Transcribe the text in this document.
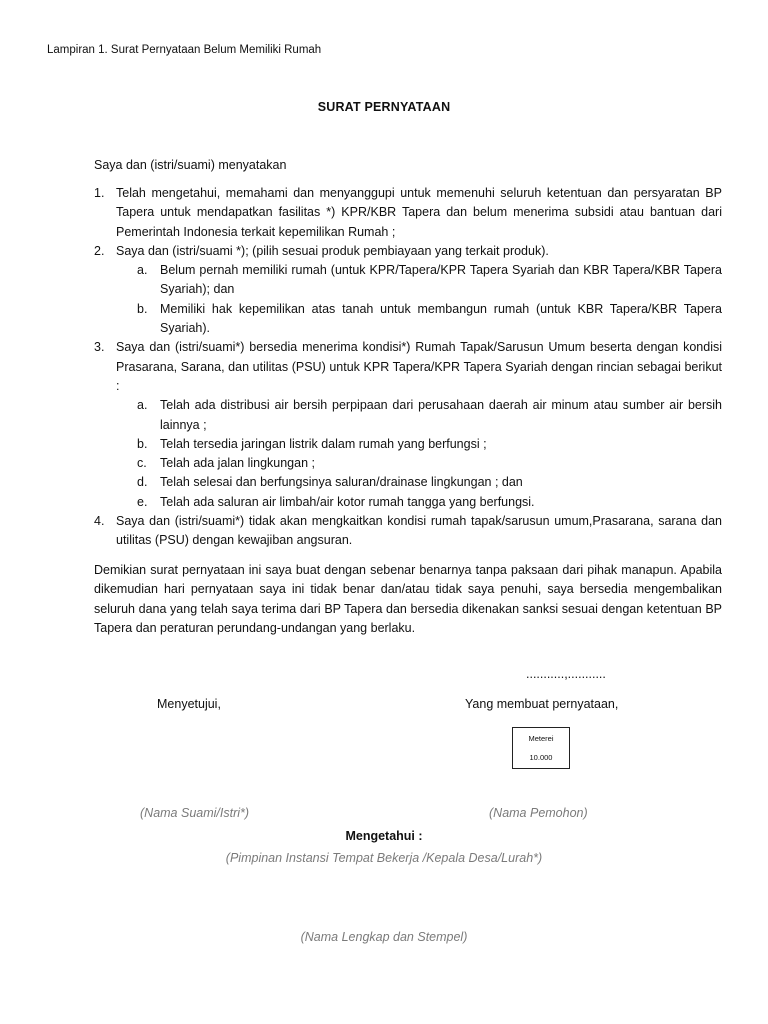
Lampiran 1. Surat Pernyataan Belum Memiliki Rumah
SURAT PERNYATAAN
Saya dan (istri/suami) menyatakan
1. Telah mengetahui, memahami dan menyanggupi untuk memenuhi seluruh ketentuan dan persyaratan BP Tapera untuk mendapatkan fasilitas *) KPR/KBR Tapera dan belum menerima subsidi atau bantuan dari Pemerintah Indonesia terkait kepemilikan Rumah ;
2. Saya dan (istri/suami *); (pilih sesuai produk pembiayaan yang terkait produk).
a. Belum pernah memiliki rumah (untuk KPR/Tapera/KPR Tapera Syariah dan KBR Tapera/KBR Tapera Syariah); dan
b. Memiliki hak kepemilikan atas tanah untuk membangun rumah (untuk KBR Tapera/KBR Tapera Syariah).
3. Saya dan (istri/suami*) bersedia menerima kondisi*) Rumah Tapak/Sarusun Umum beserta dengan kondisi Prasarana, Sarana, dan utilitas (PSU) untuk KPR Tapera/KPR Tapera Syariah dengan rincian sebagai berikut :
a. Telah ada distribusi air bersih perpipaan dari perusahaan daerah air minum atau sumber air bersih lainnya ;
b. Telah tersedia jaringan listrik dalam rumah yang berfungsi ;
c. Telah ada jalan lingkungan ;
d. Telah selesai dan berfungsinya saluran/drainase lingkungan ; dan
e. Telah ada saluran air limbah/air kotor rumah tangga yang berfungsi.
4. Saya dan (istri/suami*) tidak akan mengkaitkan kondisi rumah tapak/sarusun umum,Prasarana, sarana dan utilitas (PSU) dengan kewajiban angsuran.
Demikian surat pernyataan ini saya buat dengan sebenar benarnya tanpa paksaan dari pihak manapun. Apabila dikemudian hari pernyataan saya ini tidak benar dan/atau tidak saya penuhi, saya bersedia mengembalikan seluruh dana yang telah saya terima dari BP Tapera dan bersedia dikenakan sanksi sesuai dengan ketentuan BP Tapera dan peraturan perundang-undangan yang berlaku.
...........,...........
Menyetujui,	Yang membuat pernyataan,
Meterei
10.000
(Nama Suami/Istri*)	(Nama Pemohon)
Mengetahui :
(Pimpinan Instansi Tempat Bekerja /Kepala Desa/Lurah*)
(Nama Lengkap dan Stempel)
